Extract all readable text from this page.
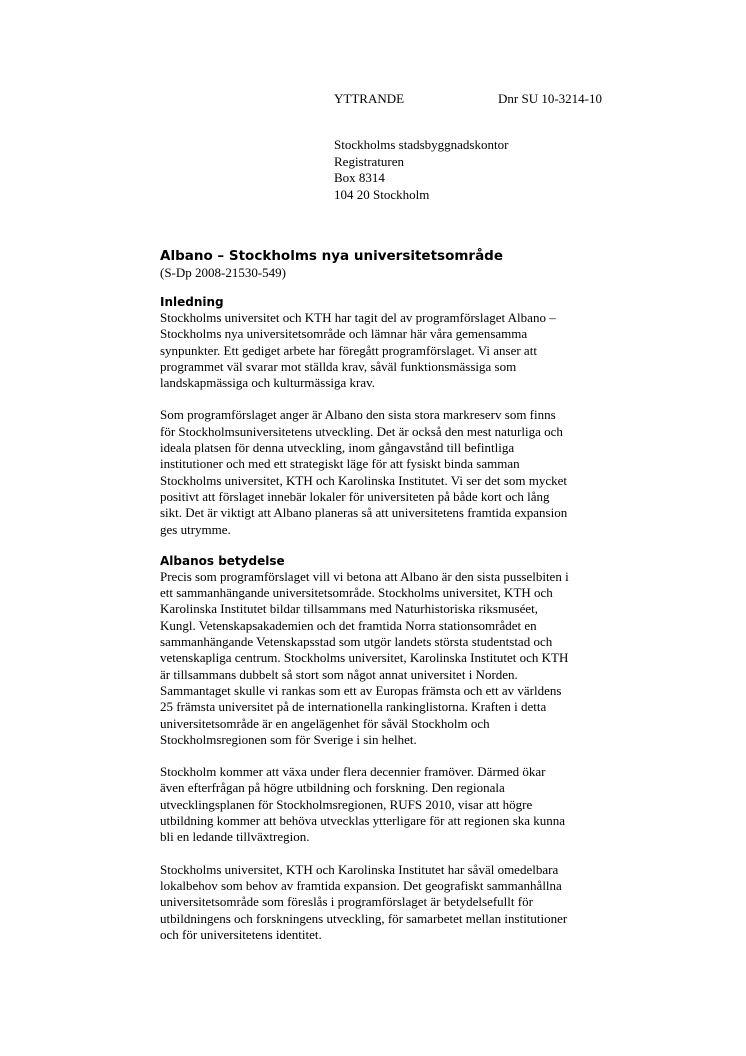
YTTRANDE	Dnr SU 10-3214-10
Stockholms stadsbyggnadskontor
Registraturen
Box 8314
104 20 Stockholm
Albano – Stockholms nya universitetsområde

(S-Dp 2008-21530-549)

Inledning

Stockholms universitet och KTH har tagit del av programförslaget Albano –
Stockholms nya universitetsområde och lämnar här våra gemensamma
synpunkter. Ett gediget arbete har föregått programförslaget. Vi anser att
programmet väl svarar mot ställda krav, såväl funktionsmässiga som
landskapmässiga och kulturmässiga krav.

Som programförslaget anger är Albano den sista stora markreserv som finns
för Stockholmsuniversitetens utveckling. Det är också den mest naturliga och
ideala platsen för denna utveckling, inom gångavstånd till befintliga
institutioner och med ett strategiskt läge för att fysiskt binda samman
Stockholms universitet, KTH och Karolinska Institutet. Vi ser det som mycket
positivt att förslaget innebär lokaler för universiteten på både kort och lång
sikt. Det är viktigt att Albano planeras så att universitetens framtida expansion
ges utrymme.

Albanos betydelse

Precis som programförslaget vill vi betona att Albano är den sista pusselbiten i
ett sammanhängande universitetsområde. Stockholms universitet, KTH och
Karolinska Institutet bildar tillsammans med Naturhistoriska riksmuséet,
Kungl. Vetenskapsakademien och det framtida Norra stationsområdet en
sammanhängande Vetenskapsstad som utgör landets största studentstad och
vetenskapliga centrum. Stockholms universitet, Karolinska Institutet och KTH
är tillsammans dubbelt så stort som något annat universitet i Norden.
Sammantaget skulle vi rankas som ett av Europas främsta och ett av världens
25 främsta universitet på de internationella rankinglistorna. Kraften i detta
universitetsområde är en angelägenhet för såväl Stockholm och
Stockholmsregionen som för Sverige i sin helhet.

Stockholm kommer att växa under flera decennier framöver. Därmed ökar
även efterfrågan på högre utbildning och forskning. Den regionala
utvecklingsplanen för Stockholmsregionen, RUFS 2010, visar att högre
utbildning kommer att behöva utvecklas ytterligare för att regionen ska kunna
bli en ledande tillväxtregion.

Stockholms universitet, KTH och Karolinska Institutet har såväl omedelbara
lokalbehov som behov av framtida expansion. Det geografiskt sammanhållna
universitetsområde som föreslås i programförslaget är betydelsefullt för
utbildningens och forskningens utveckling, för samarbetet mellan institutioner
och för universitetens identitet.
